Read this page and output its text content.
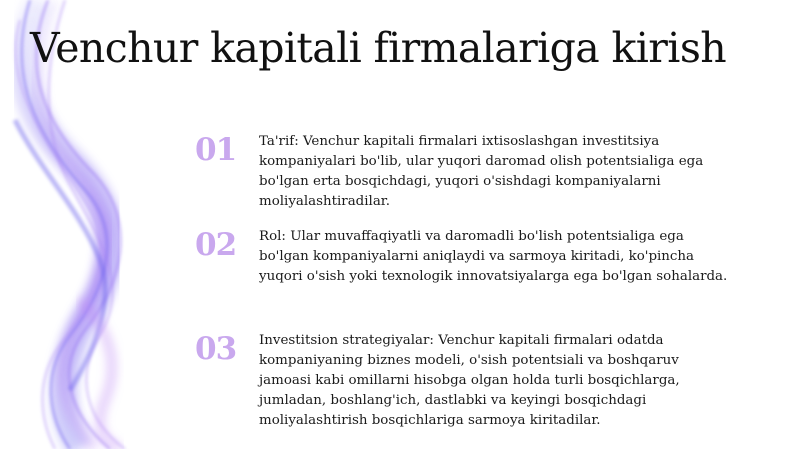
Venchur kapitali firmalariga kirish
01	Ta'rif: Venchur kapitali firmalari ixtisoslashgan investitsiya kompaniyalari bo'lib, ular yuqori daromad olish potentsialiga ega bo'lgan erta bosqichdagi, yuqori o'sishdagi kompaniyalarni moliyalashtiradilar.

02	Rol: Ular muvaffaqiyatli va daromadli bo'lish potentsialiga ega bo'lgan kompaniyalarni aniqlaydi va sarmoya kiritadi, ko'pincha yuqori o'sish yoki texnologik innovatsiyalarga ega bo'lgan sohalarda.

03	Investitsion strategiyalar: Venchur kapitali firmalari odatda kompaniyaning biznes modeli, o'sish potentsiali va boshqaruv jamoasi kabi omillarni hisobga olgan holda turli bosqichlarga, jumladan, boshlang'ich, dastlabki va keyingi bosqichdagi moliyalashtirish bosqichlariga sarmoya kiritadilar.
